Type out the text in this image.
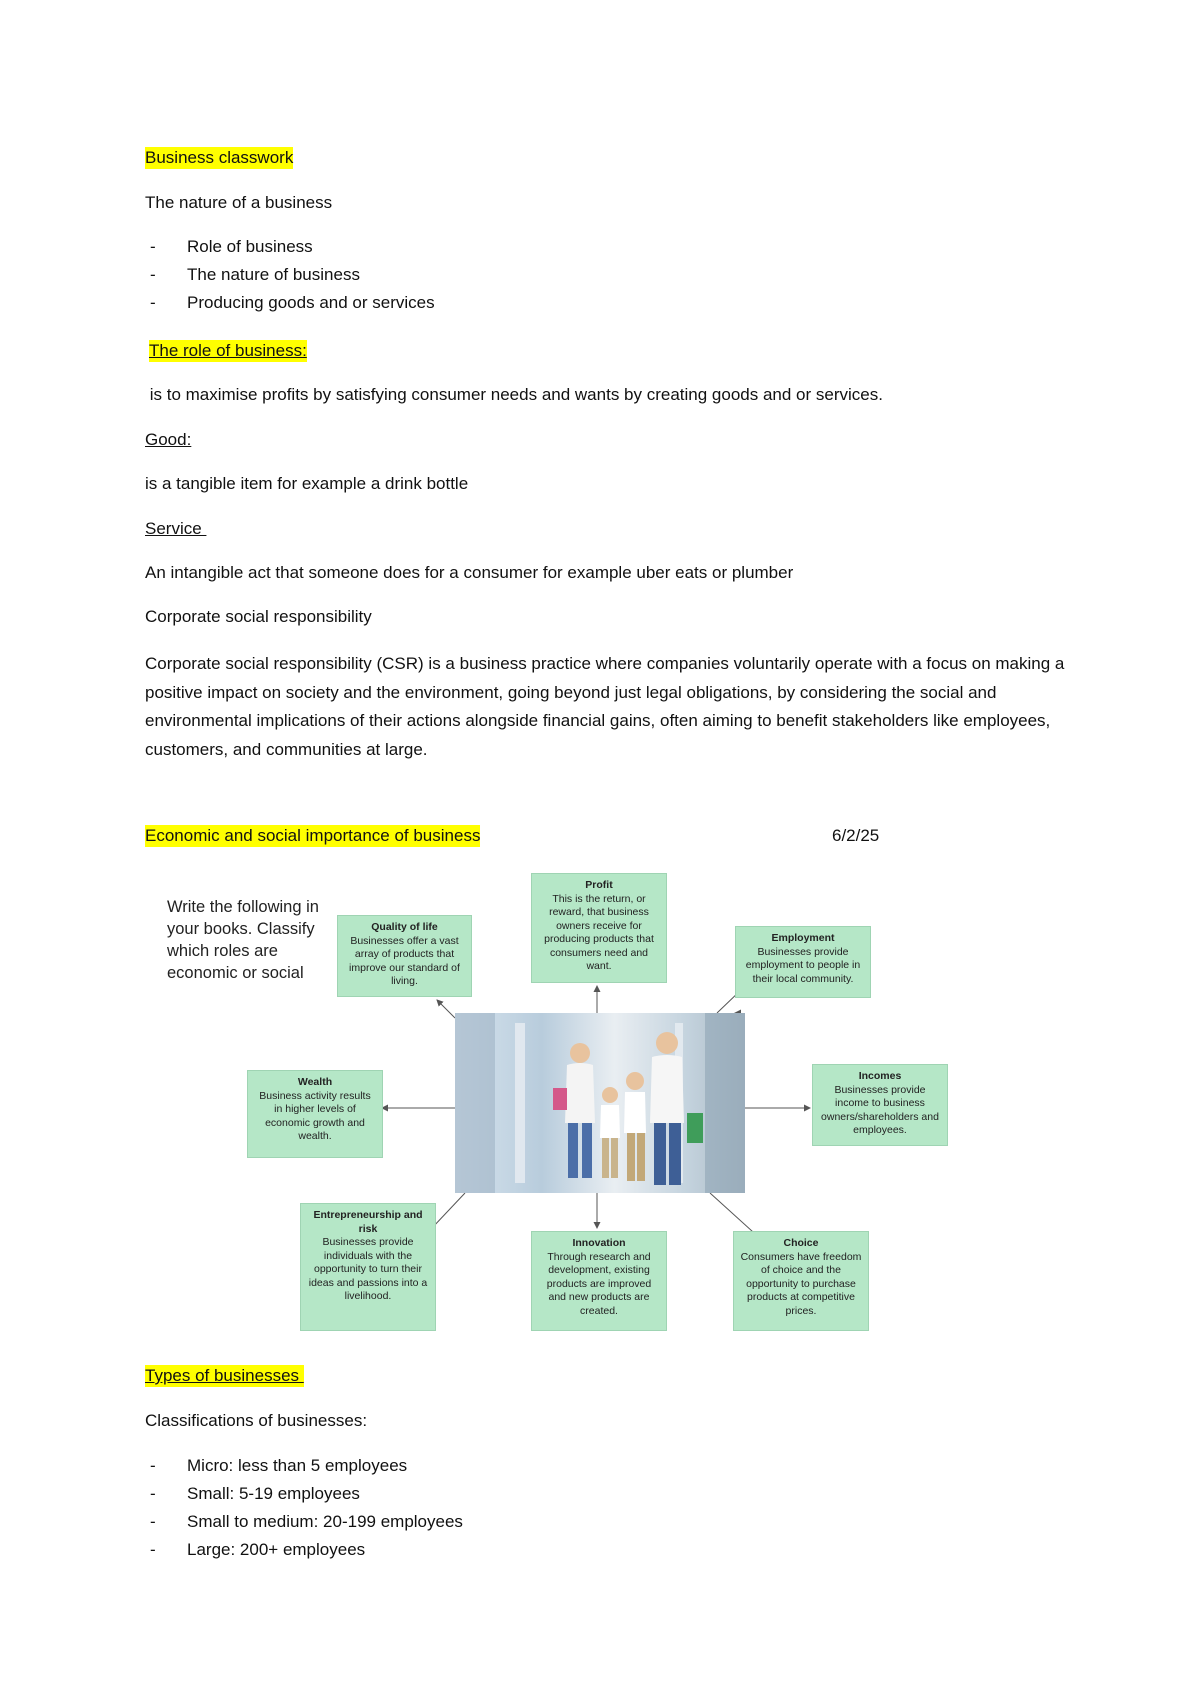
Business classwork
The nature of a business
- Role of business
- The nature of business
- Producing goods and or services
The role of business:
is to maximise profits by satisfying consumer needs and wants by creating goods and or services.
Good:
is a tangible item for example a drink bottle
Service
An intangible act that someone does for a consumer for example uber eats or plumber
Corporate social responsibility
Corporate social responsibility (CSR) is a business practice where companies voluntarily operate with a focus on making a positive impact on society and the environment, going beyond just legal obligations, by considering the social and environmental implications of their actions alongside financial gains, often aiming to benefit stakeholders like employees, customers, and communities at large.
Economic and social importance of business	6/2/25
Write the following in your books. Classify which roles are economic or social
Quality of life
Businesses offer a vast array of products that improve our standard of living.
Profit
This is the return, or reward, that business owners receive for producing products that consumers need and want.
Employment
Businesses provide employment to people in their local community.
Wealth
Business activity results in higher levels of economic growth and wealth.
Incomes
Businesses provide income to business owners/shareholders and employees.
Entrepreneurship and risk
Businesses provide individuals with the opportunity to turn their ideas and passions into a livelihood.
Innovation
Through research and development, existing products are improved and new products are created.
Choice
Consumers have freedom of choice and the opportunity to purchase products at competitive prices.
Types of businesses
Classifications of businesses:
- Micro: less than 5 employees
- Small: 5-19 employees
- Small to medium: 20-199 employees
- Large: 200+ employees
